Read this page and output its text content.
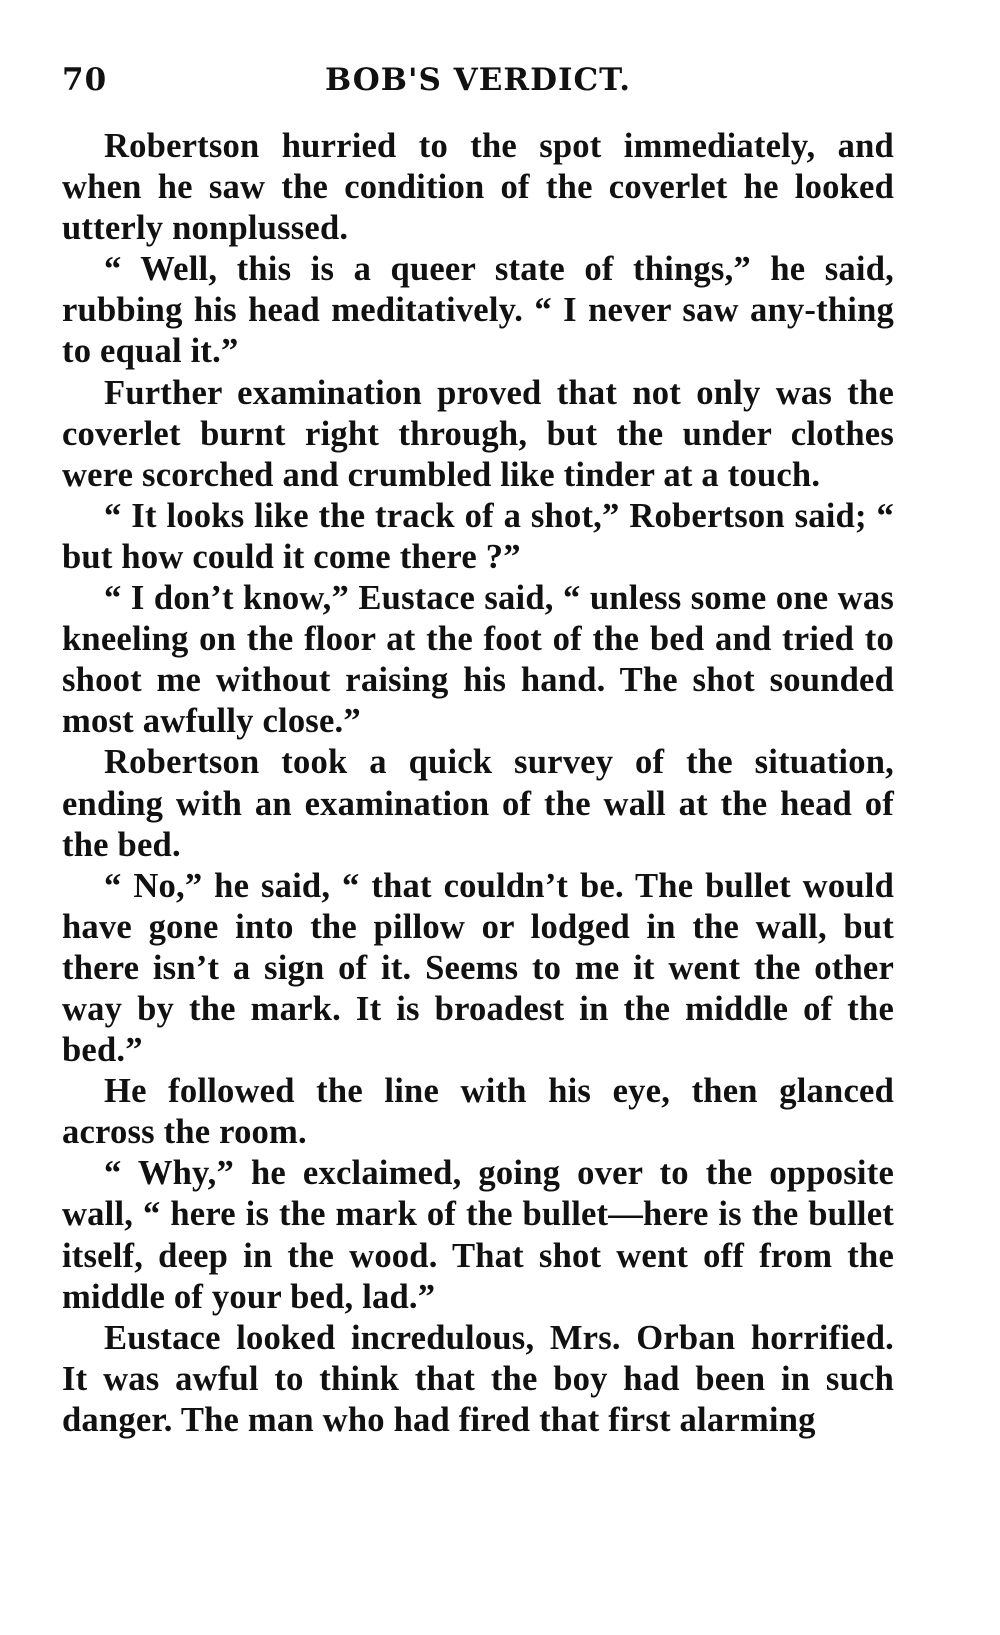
70	BOB'S VERDICT.

Robertson hurried to the spot immediately, and when he saw the condition of the coverlet he looked utterly nonplussed.

“ Well, this is a queer state of things,” he said, rubbing his head meditatively. “ I never saw any-thing to equal it.”

Further examination proved that not only was the coverlet burnt right through, but the under clothes were scorched and crumbled like tinder at a touch.

“ It looks like the track of a shot,” Robertson said; “ but how could it come there ?”

“ I don’t know,” Eustace said, “ unless some one was kneeling on the floor at the foot of the bed and tried to shoot me without raising his hand. The shot sounded most awfully close.”

Robertson took a quick survey of the situation, ending with an examination of the wall at the head of the bed.

“ No,” he said, “ that couldn’t be. The bullet would have gone into the pillow or lodged in the wall, but there isn’t a sign of it. Seems to me it went the other way by the mark. It is broadest in the middle of the bed.”

He followed the line with his eye, then glanced across the room.

“ Why,” he exclaimed, going over to the opposite wall, “ here is the mark of the bullet—here is the bullet itself, deep in the wood. That shot went off from the middle of your bed, lad.”

Eustace looked incredulous, Mrs. Orban horrified. It was awful to think that the boy had been in such danger. The man who had fired that first alarming
